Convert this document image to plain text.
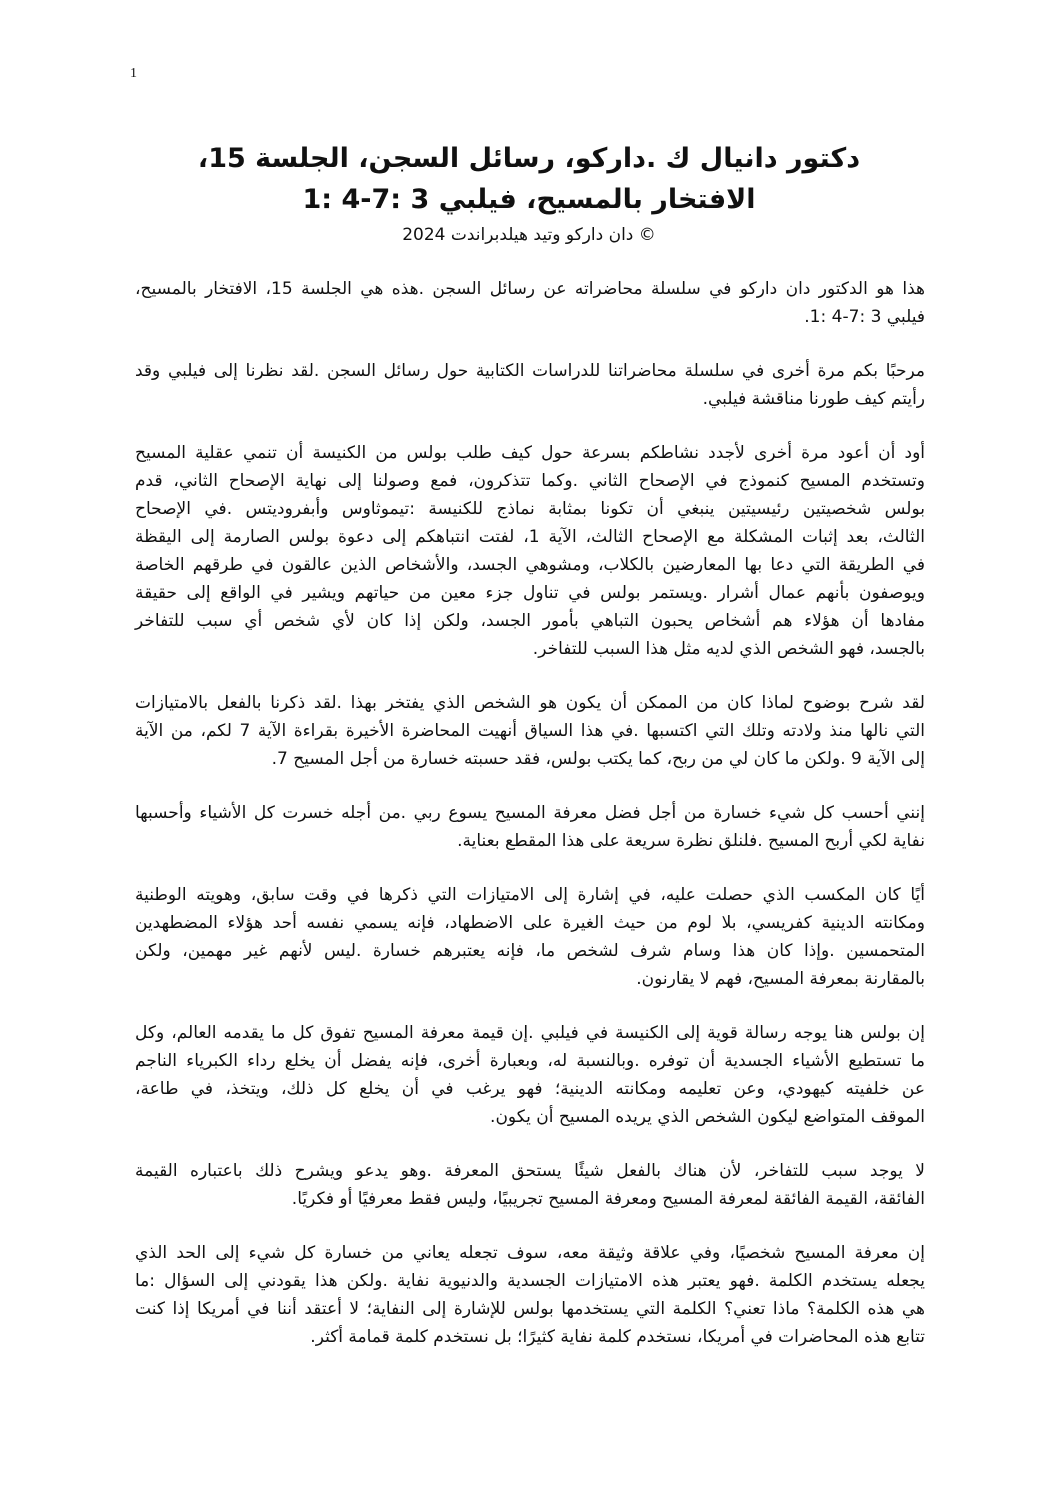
1
،دكتور دانيال ك .داركو، رسائل السجن، الجلسة 15
الافتخار بالمسيح، فيلبي 3 :7-4 :1
دان داركو وتيد هيلدبراندت 2024 ©
،هذا هو الدكتور دان داركو في سلسلة محاضراته عن رسائل السجن .هذه هي الجلسة 15، الافتخار بالمسيح
.فيلبي 3 :7-4 :1
مرحبًا بكم مرة أخرى في سلسلة محاضراتنا للدراسات الكتابية حول رسائل السجن .لقد نظرنا إلى فيلبي وقد
.رأيتم كيف طورنا مناقشة فيلبي
أود أن أعود مرة أخرى لأجدد نشاطكم بسرعة حول كيف طلب بولس من الكنيسة أن تنمي عقلية المسيح
وتستخدم المسيح كنموذج في الإصحاح الثاني .وكما تتذكرون، فمع وصولنا إلى نهاية الإصحاح الثاني، قدم
بولس شخصيتين رئيسيتين ينبغي أن تكونا بمثابة نماذج للكنيسة :تيموثاوس وأبفروديتس .في الإصحاح
الثالث، بعد إثبات المشكلة مع الإصحاح الثالث، الآية 1، لفتت انتباهكم إلى دعوة بولس الصارمة إلى اليقظة
في الطريقة التي دعا بها المعارضين بالكلاب، ومشوهي الجسد، والأشخاص الذين عالقون في طرقهم الخاصة
ويوصفون بأنهم عمال أشرار .ويستمر بولس في تناول جزء معين من حياتهم ويشير في الواقع إلى حقيقة
مفادها أن هؤلاء هم أشخاص يحبون التباهي بأمور الجسد، ولكن إذا كان لأي شخص أي سبب للتفاخر
.بالجسد، فهو الشخص الذي لديه مثل هذا السبب للتفاخر
لقد شرح بوضوح لماذا كان من الممكن أن يكون هو الشخص الذي يفتخر بهذا .لقد ذكرنا بالفعل بالامتيازات
التي نالها منذ ولادته وتلك التي اكتسبها .في هذا السياق أنهيت المحاضرة الأخيرة بقراءة الآية 7 لكم، من الآية
.إلى الآية 9 .ولكن ما كان لي من ربح، كما يكتب بولس، فقد حسبته خسارة من أجل المسيح 7
إنني أحسب كل شيء خسارة من أجل فضل معرفة المسيح يسوع ربي .من أجله خسرت كل الأشياء وأحسبها
.نفاية لكي أربح المسيح .فلنلق نظرة سريعة على هذا المقطع بعناية
أيًا كان المكسب الذي حصلت عليه، في إشارة إلى الامتيازات التي ذكرها في وقت سابق، وهويته الوطنية
ومكانته الدينية كفريسي، بلا لوم من حيث الغيرة على الاضطهاد، فإنه يسمي نفسه أحد هؤلاء المضطهدين
المتحمسين .وإذا كان هذا وسام شرف لشخص ما، فإنه يعتبرهم خسارة .ليس لأنهم غير مهمين، ولكن
.بالمقارنة بمعرفة المسيح، فهم لا يقارنون
إن بولس هنا يوجه رسالة قوية إلى الكنيسة في فيلبي .إن قيمة معرفة المسيح تفوق كل ما يقدمه العالم، وكل
ما تستطيع الأشياء الجسدية أن توفره .وبالنسبة له، وبعبارة أخرى، فإنه يفضل أن يخلع رداء الكبرياء الناجم
،عن خلفيته كيهودي، وعن تعليمه ومكانته الدينية؛ فهو يرغب في أن يخلع كل ذلك، ويتخذ، في طاعة
.الموقف المتواضع ليكون الشخص الذي يريده المسيح أن يكون
لا يوجد سبب للتفاخر، لأن هناك بالفعل شيئًا يستحق المعرفة .وهو يدعو ويشرح ذلك باعتباره القيمة
.الفائقة، القيمة الفائقة لمعرفة المسيح ومعرفة المسيح تجريبيًا، وليس فقط معرفيًا أو فكريًا
إن معرفة المسيح شخصيًا، وفي علاقة وثيقة معه، سوف تجعله يعاني من خسارة كل شيء إلى الحد الذي
يجعله يستخدم الكلمة .فهو يعتبر هذه الامتيازات الجسدية والدنيوية نفاية .ولكن هذا يقودني إلى السؤال :ما
هي هذه الكلمة؟ ماذا تعني؟ الكلمة التي يستخدمها بولس للإشارة إلى النفاية؛ لا أعتقد أننا في أمريكا إذا كنت
.تتابع هذه المحاضرات في أمريكا، نستخدم كلمة نفاية كثيرًا؛ بل نستخدم كلمة قمامة أكثر
